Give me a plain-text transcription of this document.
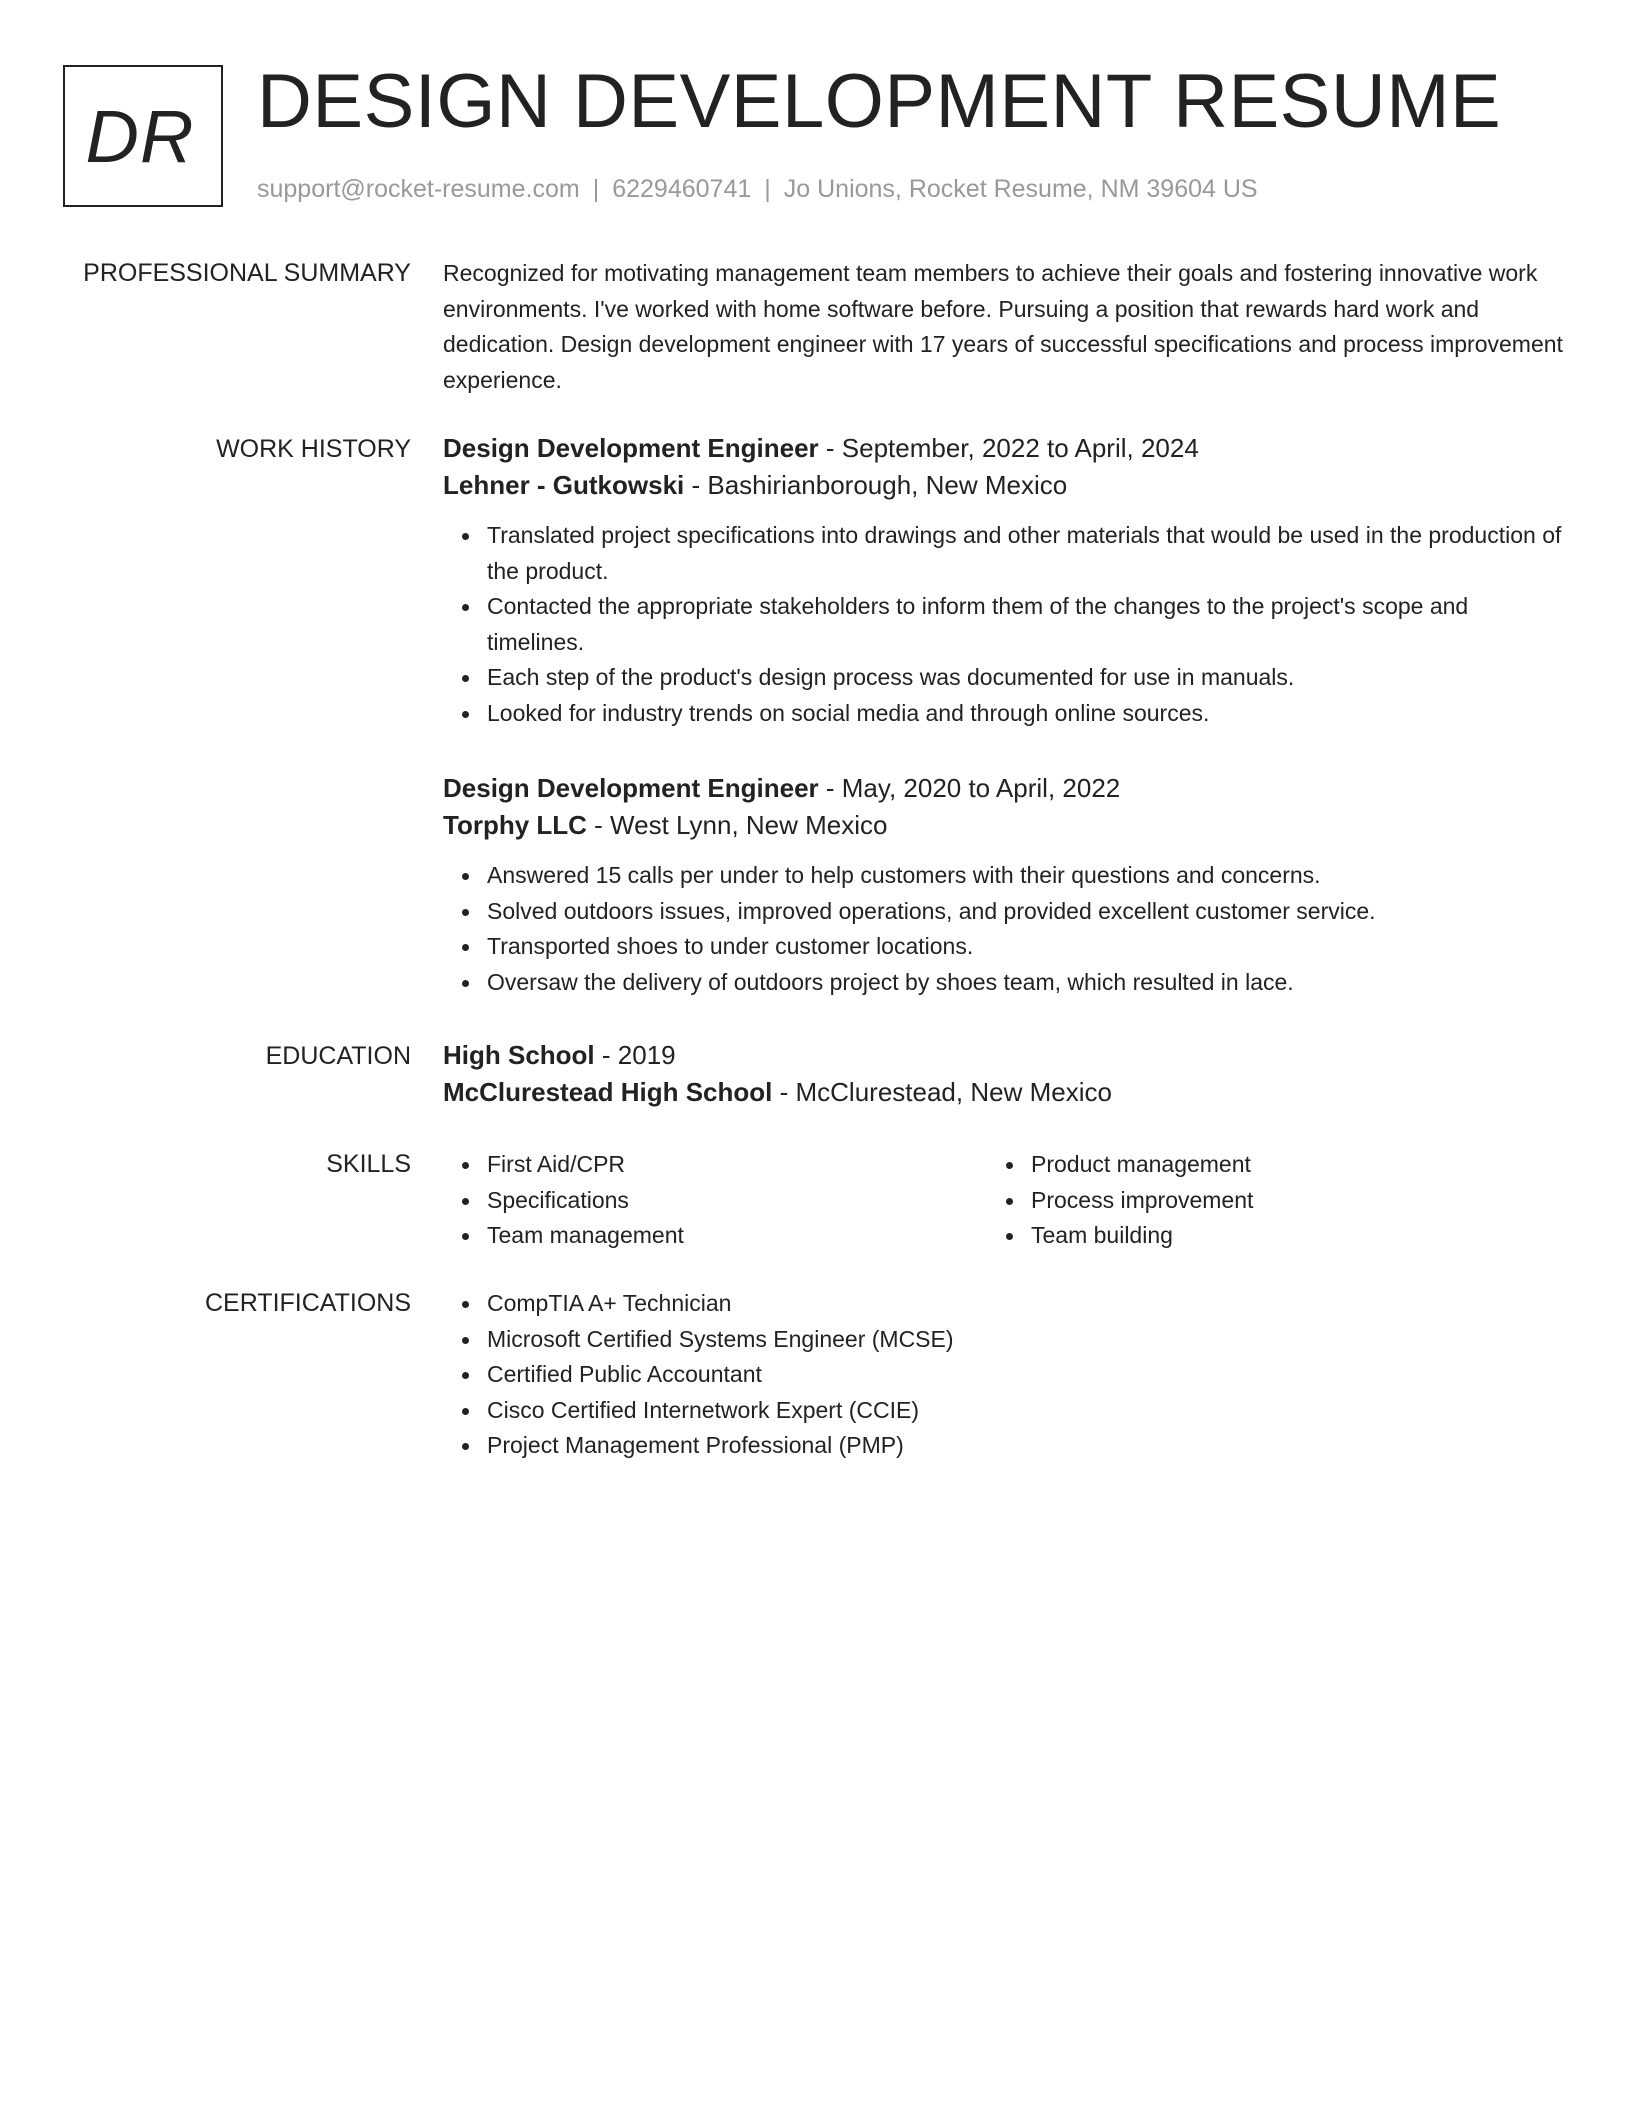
DR DESIGN DEVELOPMENT RESUME
support@rocket-resume.com | 6229460741 | Jo Unions, Rocket Resume, NM 39604 US
PROFESSIONAL SUMMARY Recognized for motivating management team members to achieve their goals and fostering innovative work environments. I've worked with home software before. Pursuing a position that rewards hard work and dedication. Design development engineer with 17 years of successful specifications and process improvement experience.

WORK HISTORY Design Development Engineer - September, 2022 to April, 2024

Lehner - Gutkowski - Bashirianborough, New Mexico

Translated project specifications into drawings and other materials that would be used in the production of the product.
Contacted the appropriate stakeholders to inform them of the changes to the project's scope and timelines.
Each step of the product's design process was documented for use in manuals.
Looked for industry trends on social media and through online sources.

Design Development Engineer - May, 2020 to April, 2022

Torphy LLC - West Lynn, New Mexico

Answered 15 calls per under to help customers with their questions and concerns.
Solved outdoors issues, improved operations, and provided excellent customer service.
Transported shoes to under customer locations.
Oversaw the delivery of outdoors project by shoes team, which resulted in lace.
EDUCATION High School - 2019

McClurestead High School - McClurestead, New Mexico

SKILLS	First Aid/CPR
Specifications
Team management
Product management
Process improvement
Team building
CERTIFICATIONS	CompTIA A+ Technician
Microsoft Certified Systems Engineer (MCSE)
Certified Public Accountant
Cisco Certified Internetwork Expert (CCIE)
Project Management Professional (PMP)
